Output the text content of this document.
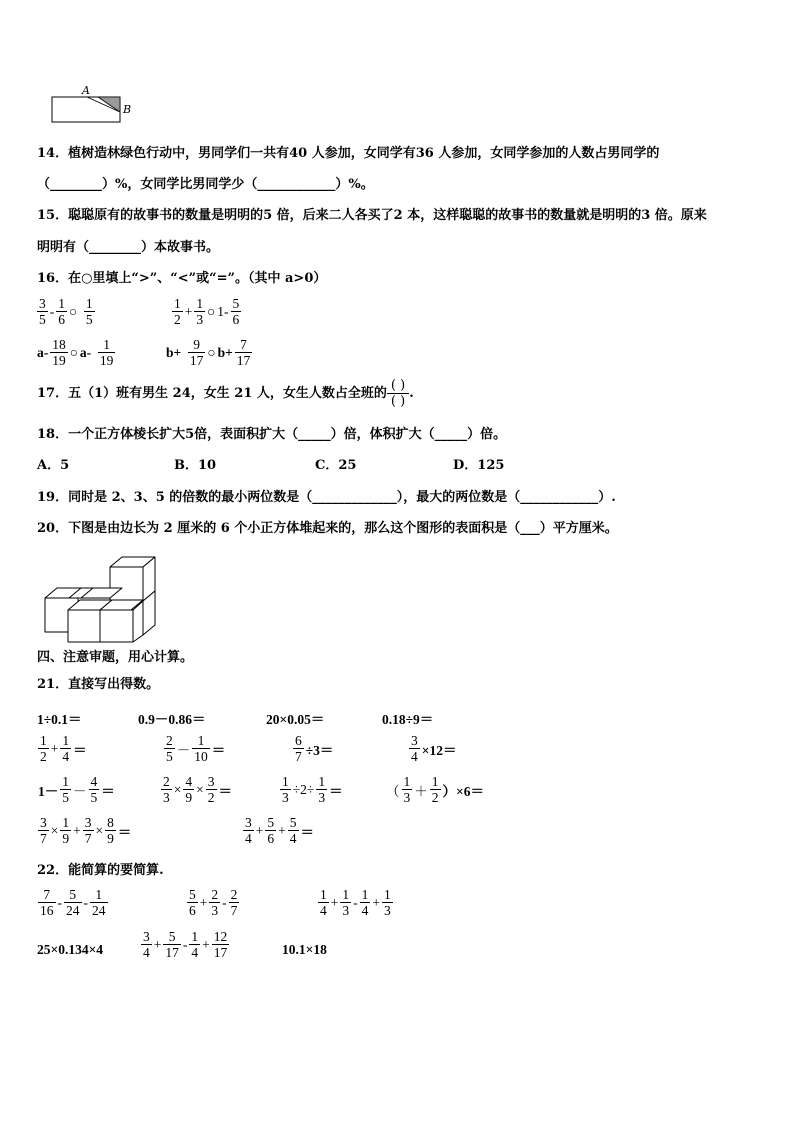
A
B
14．植树造林绿色行动中，男同学们一共有40 人参加，女同学有36 人参加，女同学参加的人数占男同学的
（________）%，女同学比男同学少（____________）%。
15．聪聪原有的故事书的数量是明明的5 倍，后来二人各买了2 本，这样聪聪的故事书的数量就是明明的3 倍。原来
明明有（________）本故事书。
16．在○里填上“>”、“<”或“=”。（其中 a>0）
$\frac{3}{5} - \frac{1}{6}$ ○  $\frac{1}{5}$	$\frac{1}{2} + \frac{1}{3}$ ○ $1- \frac{5}{6}$
$a- \frac{18}{19}$ ○ $a- \frac{1}{19}$	$b+ \frac{9}{17}$ ○ $b+ \frac{7}{17}$
17．五（1）班有男生 24，女生 21 人，女生人数占全班的 ( )
( )
.
18．一个正方体棱长扩大5倍，表面积扩大（_____）倍，体积扩大（_____）倍。
A．5	B．10	C．25	D．125
19．同时是 2、3、5 的倍数的最小两位数是（_____________），最大的两位数是（____________）.
20．下图是由边长为 2 厘米的 6 个小正方体堆起来的，那么这个图形的表面积是（___）平方厘米。
四、注意审题，用心计算。
21．直接写出得数。
1÷0.1＝	0.9－0.86＝	20×0.05＝	0.18÷9＝
$\frac{1}{2} + \frac{1}{4}$ ＝	$\frac{2}{5} - \frac{1}{10}$ ＝	$\frac{6}{7} \div 3=$	$\frac{3}{4} \times 12=$
$1- \frac{1}{5} - \frac{4}{5}$ ＝	$\frac{2}{3} \times \frac{4}{9} \times \frac{3}{2}$ ＝	$\frac{1}{3} \div 2\div \frac{1}{3}$ ＝	（ $\frac{1}{3} + \frac{1}{2} )\times 6=$
$\frac{3}{7} \times \frac{1}{9} + \frac{3}{7} \times \frac{8}{9}$ ＝	$\frac{3}{4} + \frac{5}{6} + \frac{5}{4}$ ＝
22．能简算的要简算.
$\frac{7}{16} - \frac{5}{24} - \frac{1}{24}$	$\frac{5}{6} + \frac{2}{3} - \frac{2}{7}$	$\frac{1}{4} + \frac{1}{3} - \frac{1}{4} + \frac{1}{3}$
25×0.134×4	$\frac{3}{4} + \frac{5}{17} - \frac{1}{4} + \frac{12}{17}$	10.1×18
